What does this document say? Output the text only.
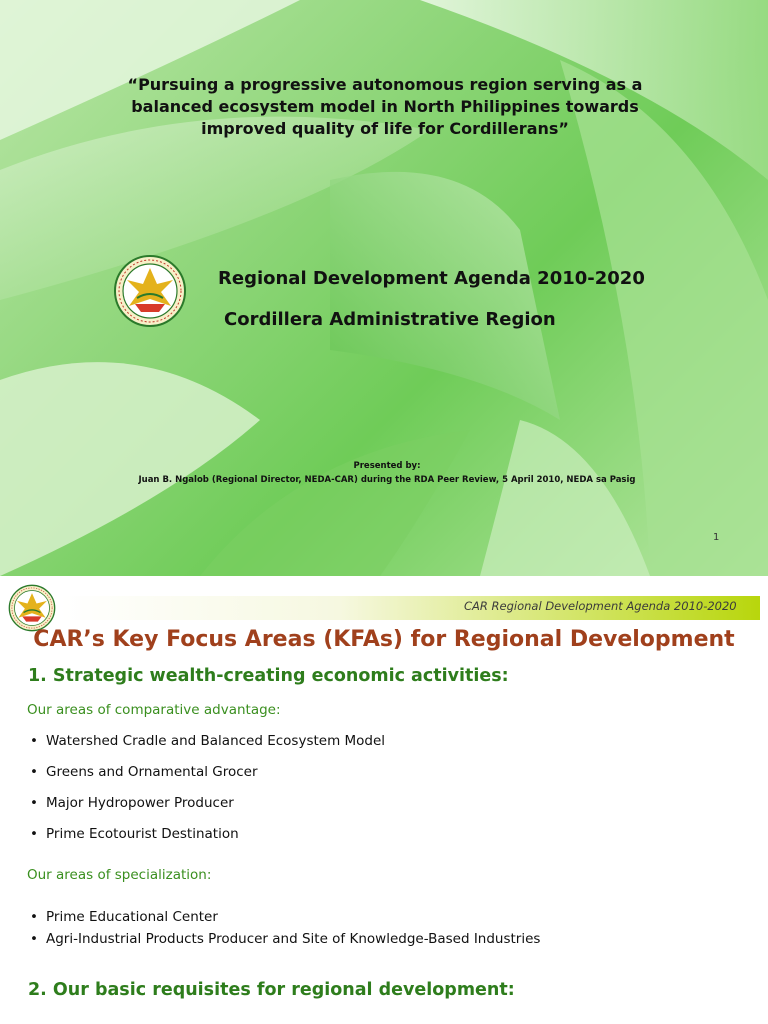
“Pursuing a progressive autonomous region serving as a
balanced ecosystem model in North Philippines towards
improved quality of life for Cordillerans”
Regional Development Agenda 2010-2020
Cordillera Administrative Region
Presented by:
Juan B. Ngalob (Regional Director, NEDA-CAR) during the RDA Peer Review, 5 April 2010, NEDA sa Pasig
1
CAR Regional Development Agenda 2010-2020
CAR’s Key Focus Areas (KFAs) for Regional Development
1. Strategic wealth-creating economic activities:
Our areas of comparative advantage:
• Watershed Cradle and Balanced Ecosystem Model
• Greens and Ornamental Grocer
• Major Hydropower Producer
• Prime Ecotourist Destination
Our areas of specialization:
• Prime Educational Center
• Agri-Industrial Products Producer and Site of Knowledge-Based Industries
2. Our basic requisites for regional development:
